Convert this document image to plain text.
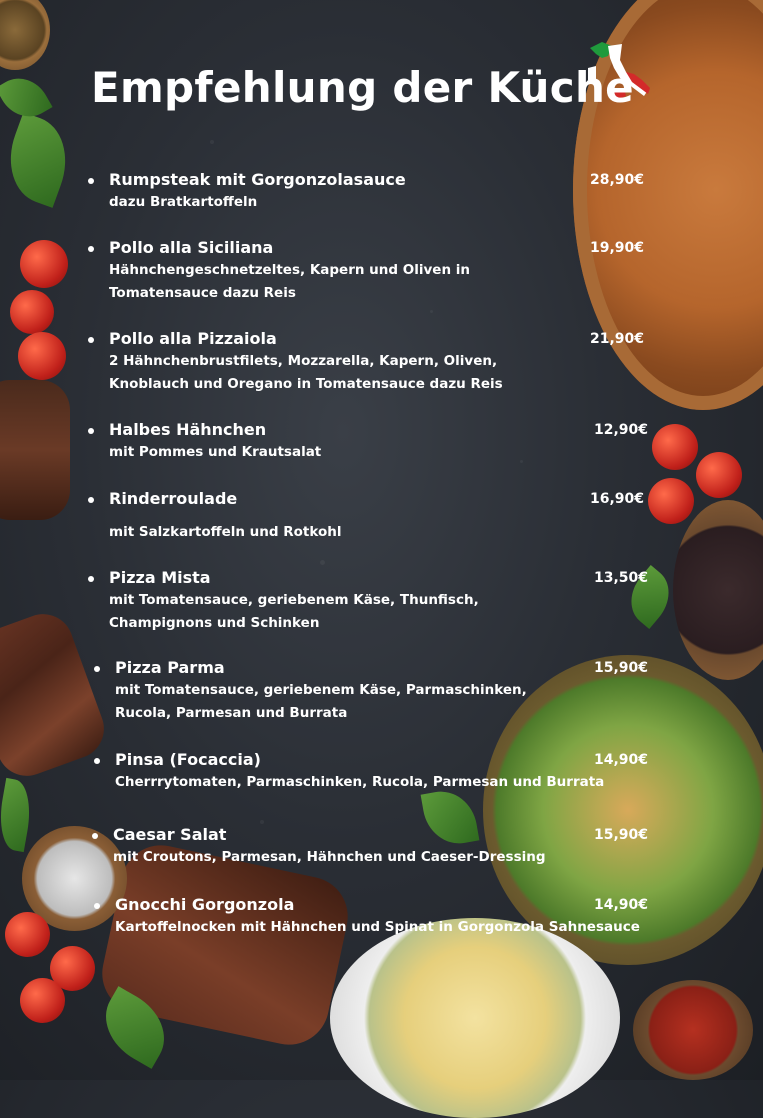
Empfehlung der Küche
Rumpsteak mit Gorgonzolasauce	28,90€
dazu Bratkartoffeln
Pollo alla Siciliana	19,90€
Hähnchengeschnetzeltes, Kapern und Oliven in
Tomatensauce dazu Reis
Pollo alla Pizzaiola	21,90€
2 Hähnchenbrustfilets, Mozzarella, Kapern, Oliven,
Knoblauch und Oregano in Tomatensauce dazu Reis
Halbes Hähnchen	12,90€
mit Pommes und Krautsalat
Rinderroulade	16,90€
mit Salzkartoffeln und Rotkohl
Pizza Mista	13,50€
mit Tomatensauce, geriebenem Käse, Thunfisch,
Champignons und Schinken
Pizza Parma	15,90€
mit Tomatensauce, geriebenem Käse, Parmaschinken,
Rucola, Parmesan und Burrata
Pinsa (Focaccia)	14,90€
Cherrrytomaten, Parmaschinken, Rucola, Parmesan und Burrata
Caesar Salat	15,90€
mit Croutons, Parmesan, Hähnchen und Caeser-Dressing
Gnocchi Gorgonzola	14,90€
Kartoffelnocken mit Hähnchen und Spinat in Gorgonzola Sahnesauce
